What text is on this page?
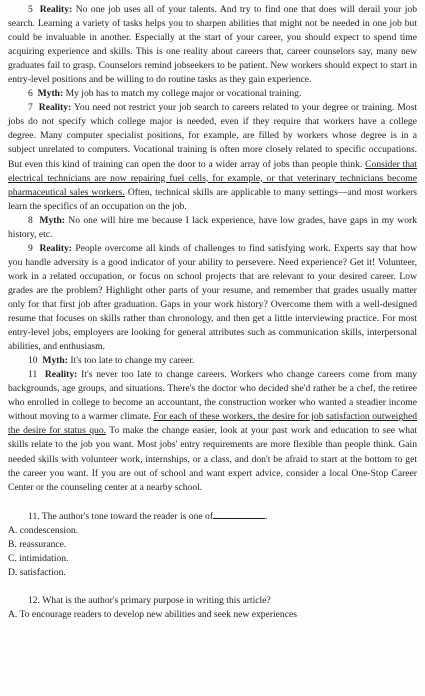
5 Reality: No one job uses all of your talents. And try to find one that does will derail your job search. Learning a variety of tasks helps you to sharpen abilities that might not be needed in one job but could be invaluable in another. Especially at the start of your career, you should expect to spend time acquiring experience and skills. This is one reality about careers that, career counselors say, many new graduates fail to grasp. Counselors remind jobseekers to be patient. New workers should expect to start in entry-level positions and be willing to do routine tasks as they gain experience.

6 Myth: My job has to match my college major or vocational training.

7 Reality: You need not restrict your job search to careers related to your degree or training. Most jobs do not specify which college major is needed, even if they require that workers have a college degree. Many computer specialist positions, for example, are filled by workers whose degree is in a subject unrelated to computers. Vocational training is often more closely related to specific occupations. But even this kind of training can open the door to a wider array of jobs than people think. Consider that electrical technicians are now repairing fuel cells, for example, or that veterinary technicians become pharmaceutical sales workers. Often, technical skills are applicable to many settings—and most workers learn the specifics of an occupation on the job.

8 Myth: No one will hire me because I lack experience, have low grades, have gaps in my work history, etc.

9 Reality: People overcome all kinds of challenges to find satisfying work. Experts say that how you handle adversity is a good indicator of your ability to persevere. Need experience? Get it! Volunteer, work in a related occupation, or focus on school projects that are relevant to your desired career. Low grades are the problem? Highlight other parts of your resume, and remember that grades usually matter only for that first job after graduation. Gaps in your work history? Overcome them with a well-designed resume that focuses on skills rather than chronology, and then get a little interviewing practice. For most entry-level jobs, employers are looking for general attributes such as communication skills, interpersonal abilities, and enthusiasm.

10 Myth: It's too late to change my career.

11 Reality: It's never too late to change careers. Workers who change careers come from many backgrounds, age groups, and situations. There's the doctor who decided she'd rather be a chef, the retiree who enrolled in college to become an accountant, the construction worker who wanted a steadier income without moving to a warmer climate. For each of these workers, the desire for job satisfaction outweighed the desire for status quo. To make the change easier, look at your past work and education to see what skills relate to the job you want. Most jobs' entry requirements are more flexible than people think. Gain needed skills with volunteer work, internships, or a class, and don't be afraid to start at the bottom to get the career you want. If you are out of school and want expert advice, consider a local One-Stop Career Center or the counseling center at a nearby school.

11. The author's tone toward the reader is one of	.
A. condescension.
B. reassurance.
C. intimidation.
D. satisfaction.
12. What is the author's primary purpose in writing this article?
A. To encourage readers to develop new abilities and seek new experiences
